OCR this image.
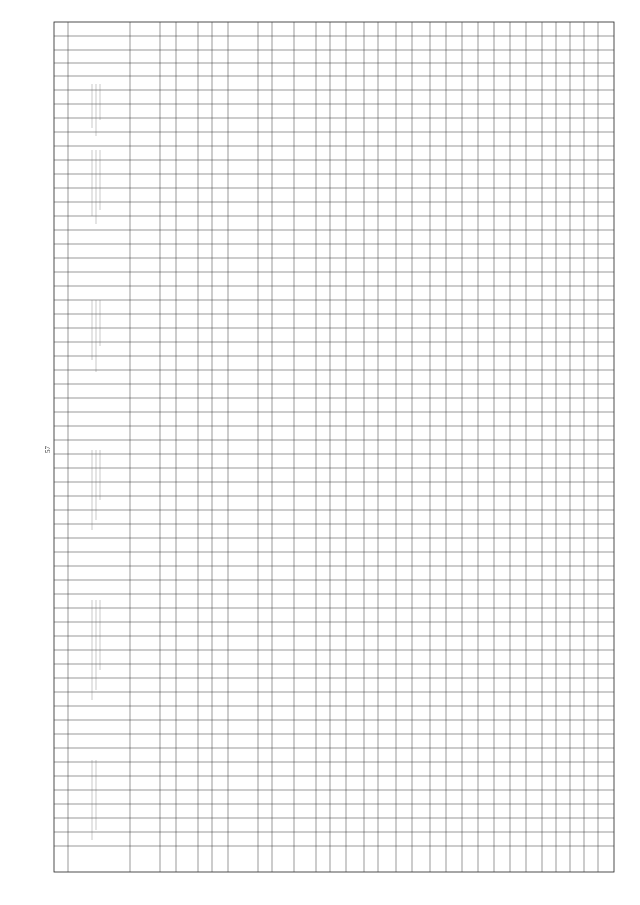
57
